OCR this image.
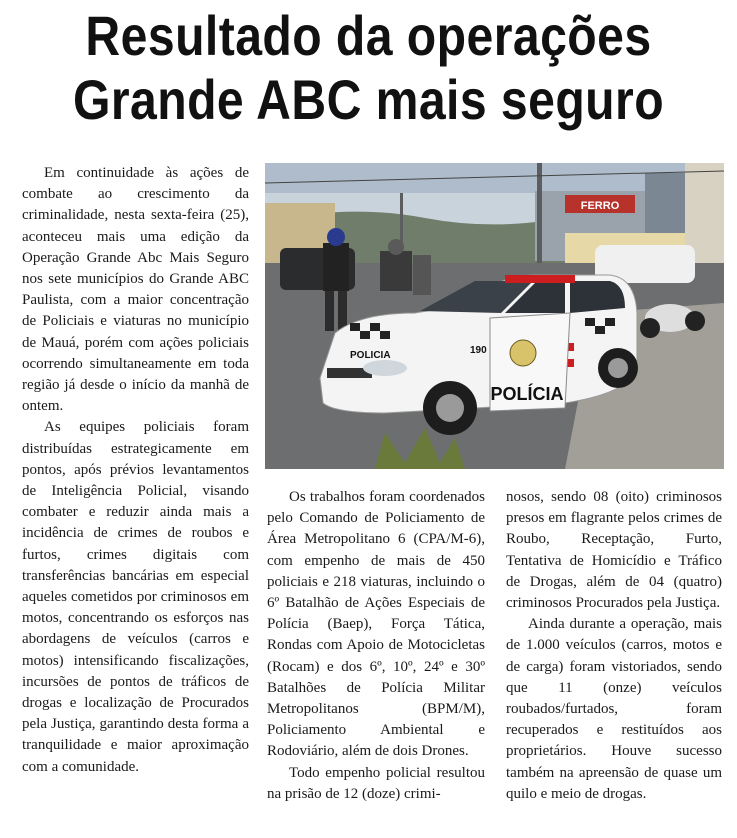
Resultado da operações
Grande ABC mais seguro

Em continuidade às ações de combate ao crescimento da criminalidade, nesta sexta-feira (25), aconteceu mais uma edição da Operação Grande Abc Mais Seguro nos sete municípios do Grande ABC Paulista, com a maior concentração de Policiais e viaturas no município de Mauá, porém com ações policiais ocorrendo simultaneamente em toda região já desde o início da manhã de ontem.

As equipes policiais foram distribuídas estrategicamente em pontos, após prévios levantamentos de Inteligência Policial, visando combater e reduzir ainda mais a incidência de crimes de roubos e furtos, crimes digitais com transferências bancárias em especial aqueles cometidos por criminosos em motos, concentrando os esforços nas abordagens de veículos (carros e motos) intensificando fiscalizações, incursões de pontos de tráficos de drogas e localização de Procurados pela Justiça, garantindo desta forma a tranquilidade e maior aproximação com a comunidade.

FERRO
POLÍCIA
POLICIA	190

Os trabalhos foram coordenados pelo Comando de Policiamento de Área Metropolitano 6 (CPA/M-6), com empenho de mais de 450 policiais e 218 viaturas, incluindo o 6º Batalhão de Ações Especiais de Polícia (Baep), Força Tática, Rondas com Apoio de Motocicletas (Rocam) e dos 6º, 10º, 24º e 30º Batalhões de Polícia Militar Metropolitanos (BPM/M), Policiamento Ambiental e Rodoviário, além de dois Drones.

Todo empenho policial resultou na prisão de 12 (doze) crimi-

nosos, sendo 08 (oito) criminosos presos em flagrante pelos crimes de Roubo, Receptação, Furto, Tentativa de Homicídio e Tráfico de Drogas, além de 04 (quatro) criminosos Procurados pela Justiça.

Ainda durante a operação, mais de 1.000 veículos (carros, motos e de carga) foram vistoriados, sendo que 11 (onze) veículos roubados/furtados, foram recuperados e restituídos aos proprietários. Houve sucesso também na apreensão de quase um quilo e meio de drogas.
